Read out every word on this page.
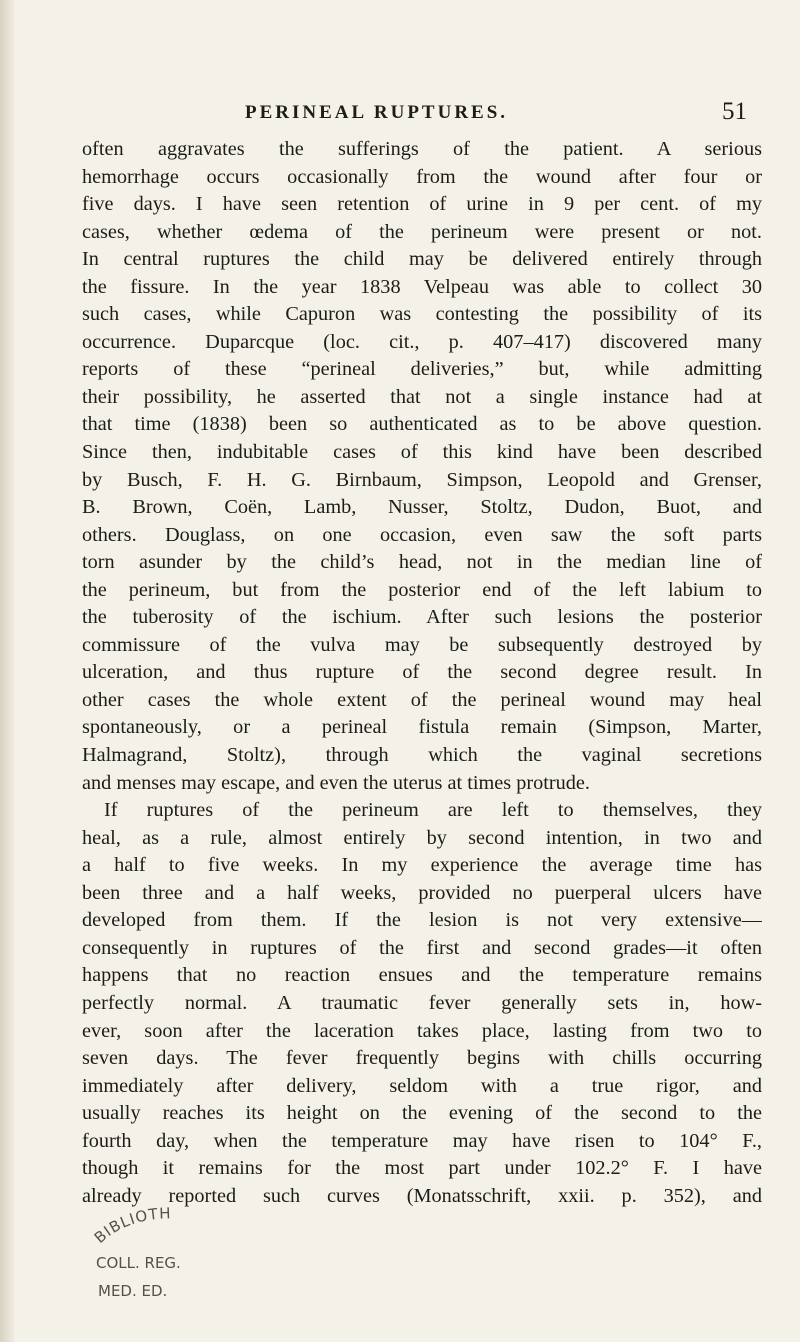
PERINEAL RUPTURES.	51
often aggravates the sufferings of the patient. A serious
hemorrhage occurs occasionally from the wound after four or
five days. I have seen retention of urine in 9 per cent. of my
cases, whether œdema of the perineum were present or not.
In central ruptures the child may be delivered entirely through
the fissure. In the year 1838 Velpeau was able to collect 30
such cases, while Capuron was contesting the possibility of its
occurrence. Duparcque (loc. cit., p. 407–417) discovered many
reports of these “perineal deliveries,” but, while admitting
their possibility, he asserted that not a single instance had at
that time (1838) been so authenticated as to be above question.
Since then, indubitable cases of this kind have been described
by Busch, F. H. G. Birnbaum, Simpson, Leopold and Grenser,
B. Brown, Coën, Lamb, Nusser, Stoltz, Dudon, Buot, and
others. Douglass, on one occasion, even saw the soft parts
torn asunder by the child’s head, not in the median line of
the perineum, but from the posterior end of the left labium to
the tuberosity of the ischium. After such lesions the posterior
commissure of the vulva may be subsequently destroyed by
ulceration, and thus rupture of the second degree result. In
other cases the whole extent of the perineal wound may heal
spontaneously, or a perineal fistula remain (Simpson, Marter,
Halmagrand, Stoltz), through which the vaginal secretions
and menses may escape, and even the uterus at times protrude.
If ruptures of the perineum are left to themselves, they
heal, as a rule, almost entirely by second intention, in two and
a half to five weeks. In my experience the average time has
been three and a half weeks, provided no puerperal ulcers have
developed from them. If the lesion is not very extensive—
consequently in ruptures of the first and second grades—it often
happens that no reaction ensues and the temperature remains
perfectly normal. A traumatic fever generally sets in, how-
ever, soon after the laceration takes place, lasting from two to
seven days. The fever frequently begins with chills occurring
immediately after delivery, seldom with a true rigor, and
usually reaches its height on the evening of the second to the
fourth day, when the temperature may have risen to 104° F.,
though it remains for the most part under 102.2° F. I have
already reported such curves (Monatsschrift, xxii. p. 352), and
BIBLIOTH
COLL. REG.
MED. ED.
